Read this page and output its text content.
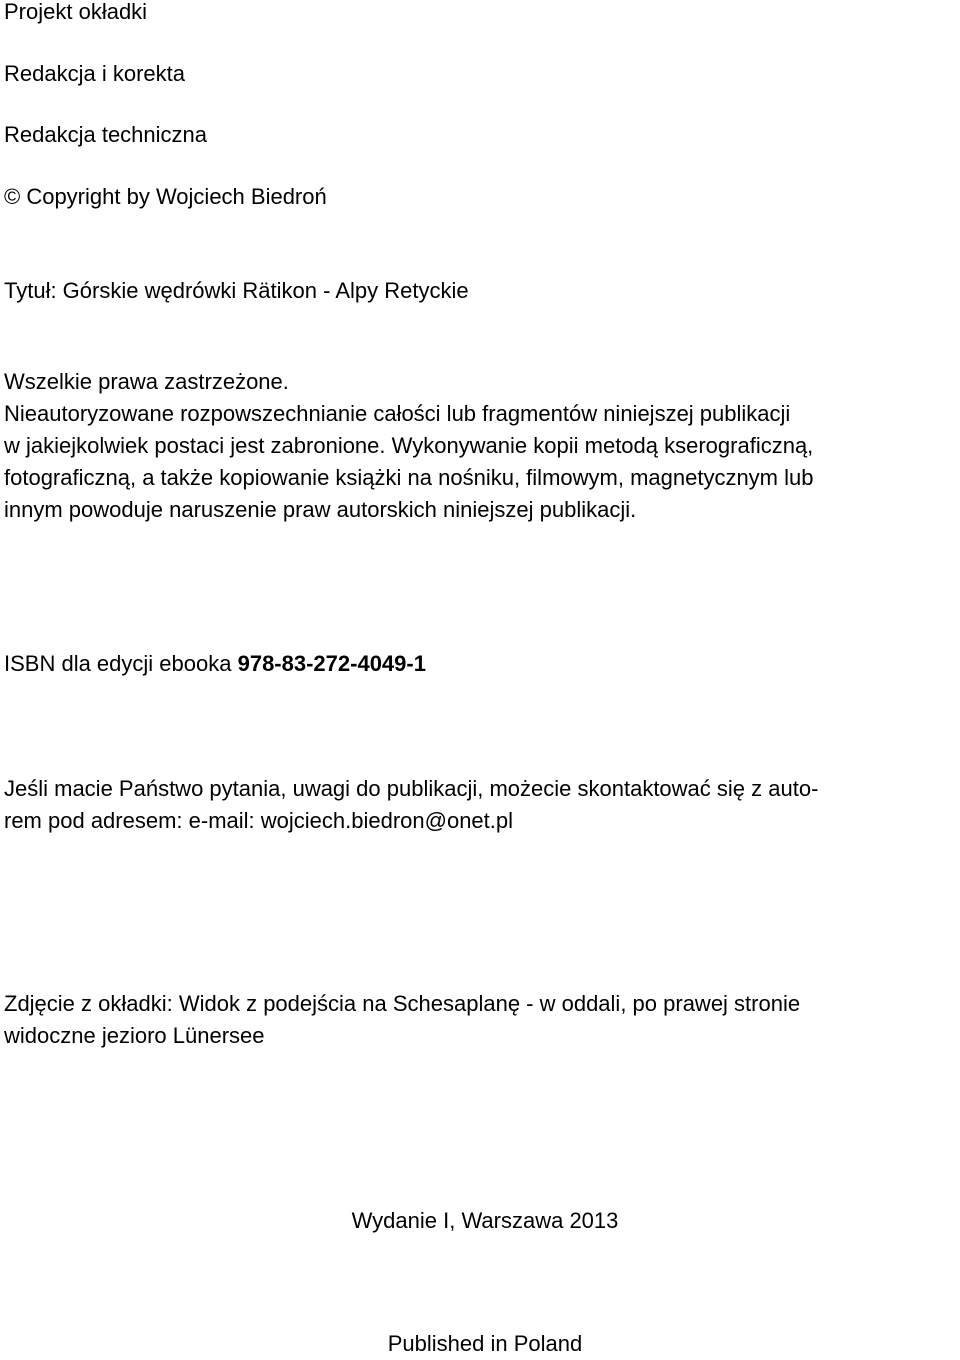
Projekt okładki
Redakcja i korekta
Redakcja techniczna
© Copyright by Wojciech Biedroń
Tytuł: Górskie wędrówki Rätikon - Alpy Retyckie
Wszelkie prawa zastrzeżone.
Nieautoryzowane rozpowszechnianie całości lub fragmentów niniejszej publikacji
w jakiejkolwiek postaci jest zabronione. Wykonywanie kopii metodą kserograficzną,
fotograficzną, a także kopiowanie książki na nośniku, filmowym, magnetycznym lub
innym powoduje naruszenie praw autorskich niniejszej publikacji.
ISBN dla edycji ebooka 978-83-272-4049-1
Jeśli macie Państwo pytania, uwagi do publikacji, możecie skontaktować się z auto-
rem pod adresem: e-mail: wojciech.biedron@onet.pl
Zdjęcie z okładki: Widok z podejścia na Schesaplanę - w oddali, po prawej stronie
widoczne jezioro Lünersee
Wydanie I, Warszawa 2013
Published in Poland
